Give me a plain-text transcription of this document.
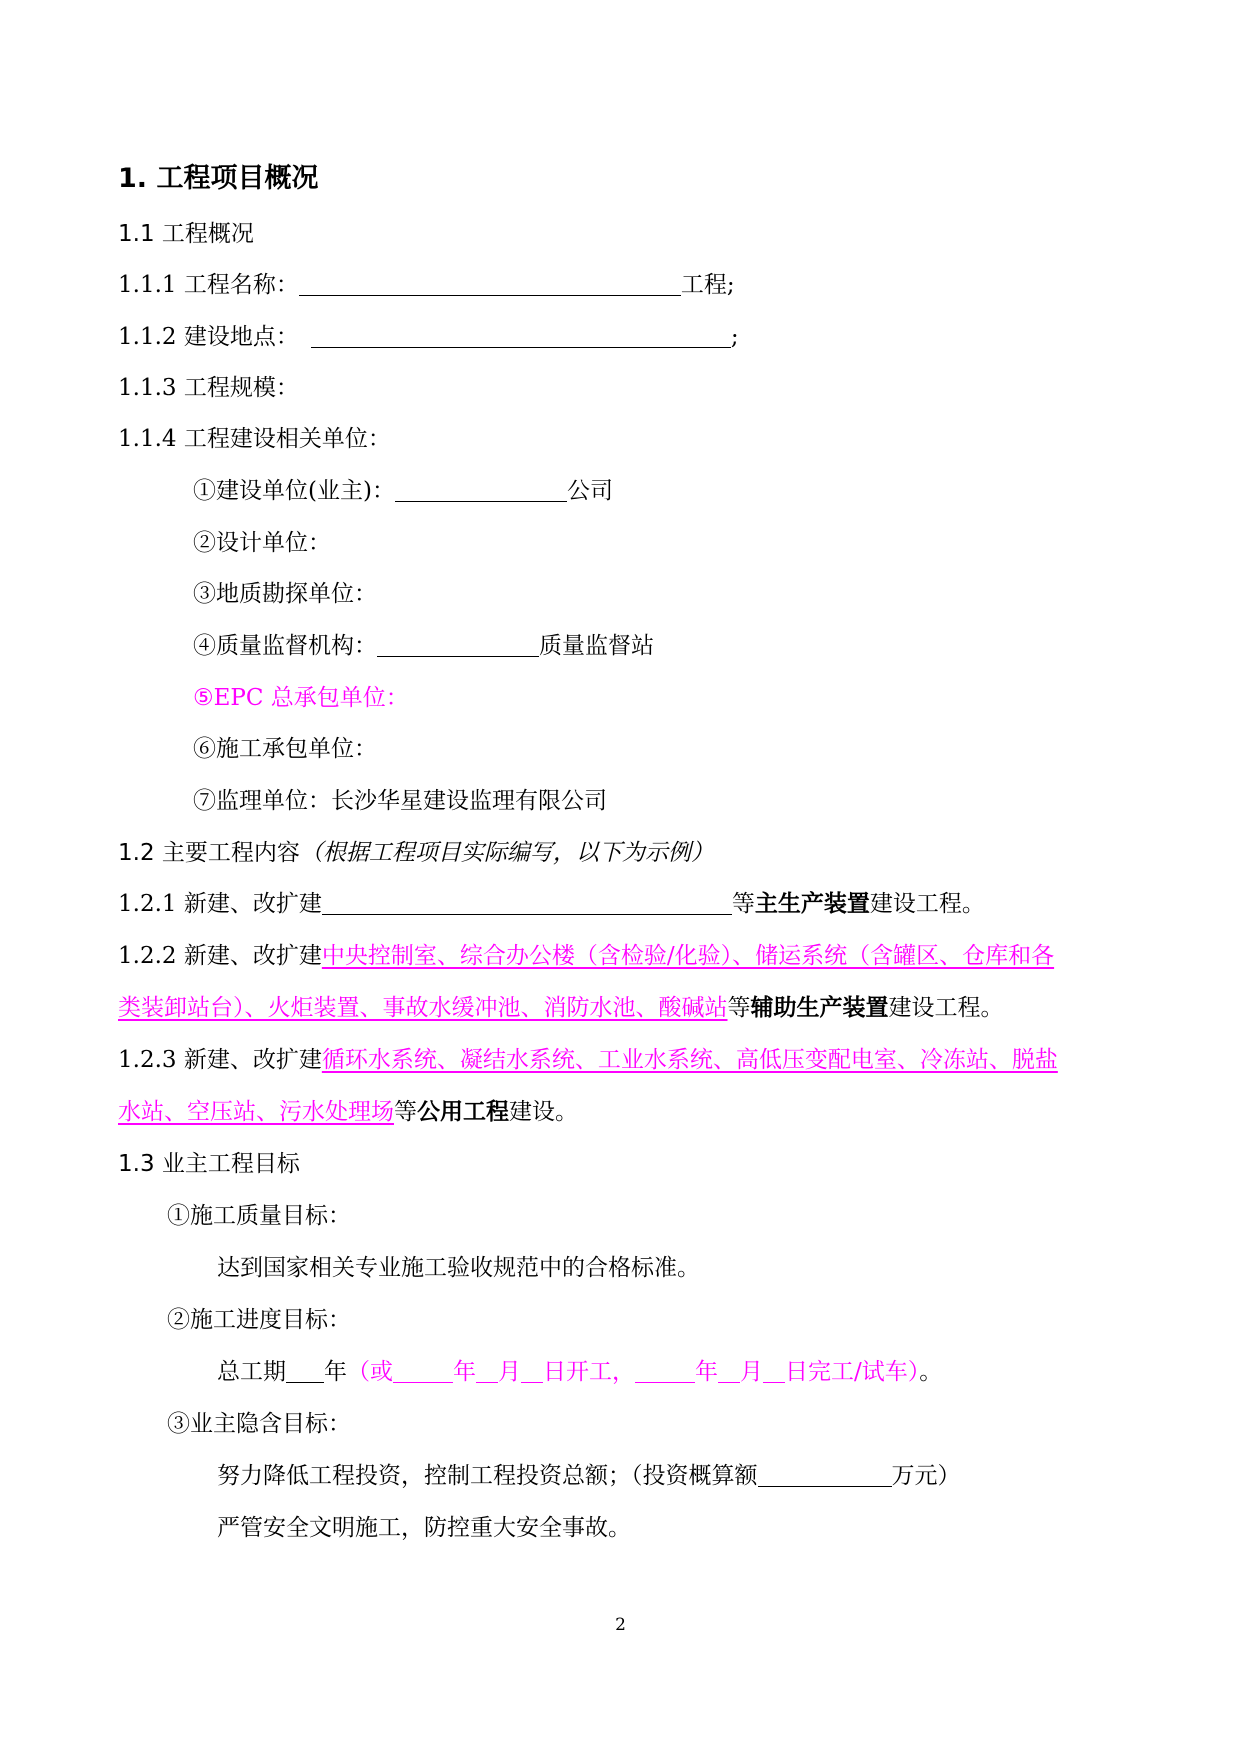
1. 工程项目概况
1.1 工程概况
1.1.1 工程名称：	工程;
1.1.2 建设地点：	;
1.1.3 工程规模：
1.1.4 工程建设相关单位：
①建设单位(业主)：	公司
②设计单位：
③地质勘探单位：
④质量监督机构：	质量监督站
⑤EPC 总承包单位：
⑥施工承包单位：
⑦监理单位：长沙华星建设监理有限公司
1.2 主要工程内容（根据工程项目实际编写，以下为示例）
1.2.1 新建、改扩建	等主生产装置建设工程。
1.2.2 新建、改扩建中央控制室、综合办公楼（含检验/化验）、储运系统（含罐区、仓库和各
类装卸站台）、火炬装置、事故水缓冲池、消防水池、酸碱站等辅助生产装置建设工程。
1.2.3 新建、改扩建循环水系统、凝结水系统、工业水系统、高低压变配电室、冷冻站、脱盐
水站、空压站、污水处理场等公用工程建设。
1.3 业主工程目标
①施工质量目标：
达到国家相关专业施工验收规范中的合格标准。
②施工进度目标：
总工期 年（或	年 月 日开工，	年 月 日完工/试车）。
③业主隐含目标：
努力降低工程投资，控制工程投资总额；（投资概算额	万元）
严管安全文明施工，防控重大安全事故。
2
